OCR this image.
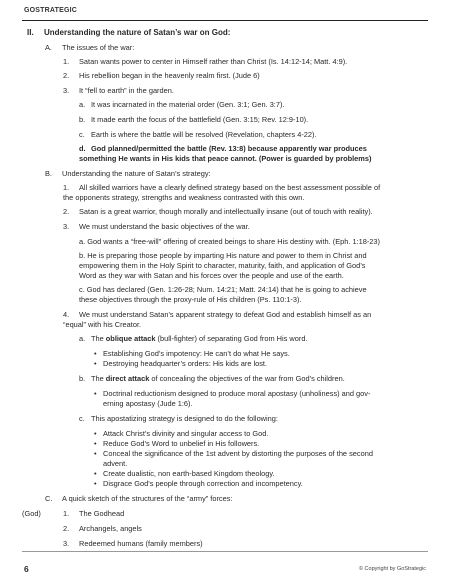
GOSTRATEGIC
II. Understanding the nature of Satan’s war on God:
A. The issues of the war:
1. Satan wants power to center in Himself rather than Christ (Is. 14:12-14; Matt. 4:9).
2. His rebellion began in the heavenly realm first. (Jude 6)
3. It “fell to earth” in the garden.
a. It was incarnated in the material order (Gen. 3:1; Gen. 3:7).
b. It made earth the focus of the battlefield (Gen. 3:15; Rev. 12:9-10).
c. Earth is where the battle will be resolved (Revelation, chapters 4-22).
d. God planned/permitted the battle (Rev. 13:8) because apparently war produces
something He wants in His kids that peace cannot. (Power is guarded by problems)
B. Understanding the nature of Satan’s strategy:
1. All skilled warriors have a clearly defined strategy based on the best assessment possible of
the opponents strategy, strengths and weakness contrasted with this own.
2. Satan is a great warrior, though morally and intellectually insane (out of touch with reality).
3. We must understand the basic objectives of the war.
a. God wants a “free-will” offering of created beings to share His destiny with. (Eph. 1:18-23)
b. He is preparing those people by imparting His nature and power to them in Christ and
empowering them in the Holy Spirit to character, maturity, faith, and application of God’s
Word as they war with Satan and his forces over the people and use of the earth.
c. God has declared (Gen. 1:26-28; Num. 14:21; Matt. 24:14) that he is going to achieve
these objectives through the proxy-rule of His children (Ps. 110:1-3).
4. We must understand Satan’s apparent strategy to defeat God and establish himself as an
“equal” with his Creator.
a. The oblique attack (bull-fighter) of separating God from His word.
• Establishing God’s impotency: He can’t do what He says.
• Destroying headquarter’s orders: His kids are lost.
b. The direct attack of concealing the objectives of the war from God’s children.
• Doctrinal reductionism designed to produce moral apostasy (unholiness) and gov-
erning apostasy (Jude 1:6).
c. This apostatizing strategy is designed to do the following:
• Attack Christ’s divinity and singular access to God.
• Reduce God’s Word to unbelief in His followers.
• Conceal the significance of the 1st advent by distorting the purposes of the second
advent.
• Create dualistic, non earth-based Kingdom theology.
• Disgrace God’s people through correction and incompetency.
C. A quick sketch of the structures of the “army” forces:
(God)	1. The Godhead
2. Archangels, angels
3. Redeemed humans (family members)
6	© Copyright by GoStrategic
